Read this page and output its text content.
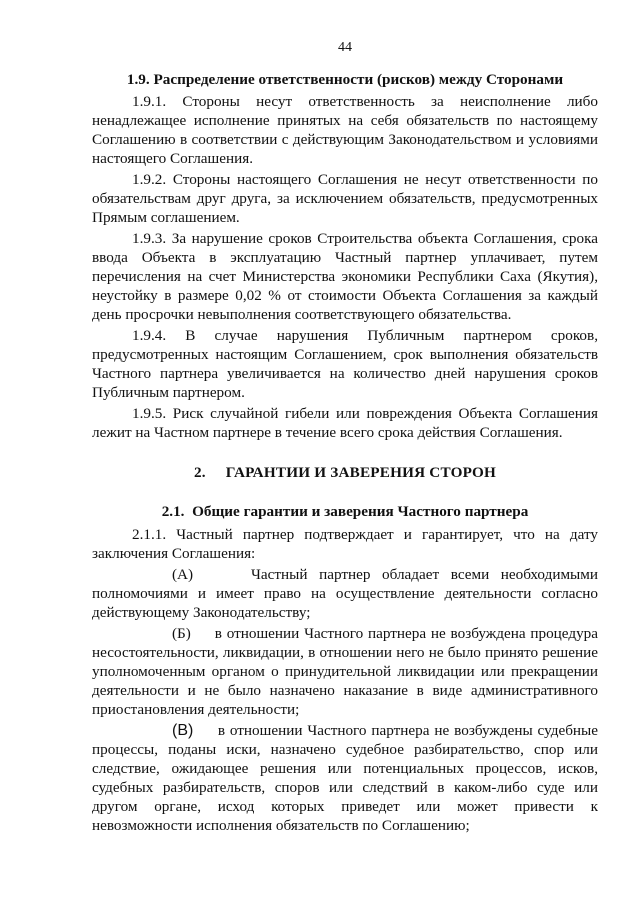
44
1.9. Распределение ответственности (рисков) между Сторонами

1.9.1. Стороны несут ответственность за неисполнение либо ненадлежащее исполнение принятых на себя обязательств по настоящему Соглашению в соответствии с действующим Законодательством и условиями настоящего Соглашения.

1.9.2. Стороны настоящего Соглашения не несут ответственности по обязательствам друг друга, за исключением обязательств, предусмотренных Прямым соглашением.

1.9.3. За нарушение сроков Строительства объекта Соглашения, срока ввода Объекта в эксплуатацию Частный партнер уплачивает, путем перечисления на счет Министерства экономики Республики Саха (Якутия), неустойку в размере 0,02 % от стоимости Объекта Соглашения за каждый день просрочки невыполнения соответствующего обязательства.

1.9.4. В случае нарушения Публичным партнером сроков, предусмотренных настоящим Соглашением, срок выполнения обязательств Частного партнера увеличивается на количество дней нарушения сроков Публичным партнером.

1.9.5. Риск случайной гибели или повреждения Объекта Соглашения лежит на Частном партнере в течение всего срока действия Соглашения.

2.     ГАРАНТИИ И ЗАВЕРЕНИЯ СТОРОН
2.1.  Общие гарантии и заверения Частного партнера

2.1.1. Частный партнер подтверждает и гарантирует, что на дату заключения Соглашения:

(А)	Частный партнер обладает всеми необходимыми полномочиями и имеет право на осуществление деятельности согласно действующему Законодательству;

(Б) в отношении Частного партнера не возбуждена процедура несостоятельности, ликвидации, в отношении него не было принято решение уполномоченным органом о принудительной ликвидации или прекращении деятельности и не было назначено наказание в виде административного приостановления деятельности;

(В) в отношении Частного партнера не возбуждены судебные процессы, поданы иски, назначено судебное разбирательство, спор или следствие, ожидающее решения или потенциальных процессов, исков, судебных разбирательств, споров или следствий в каком-либо суде или другом органе, исход которых приведет или может привести к невозможности исполнения обязательств по Соглашению;
